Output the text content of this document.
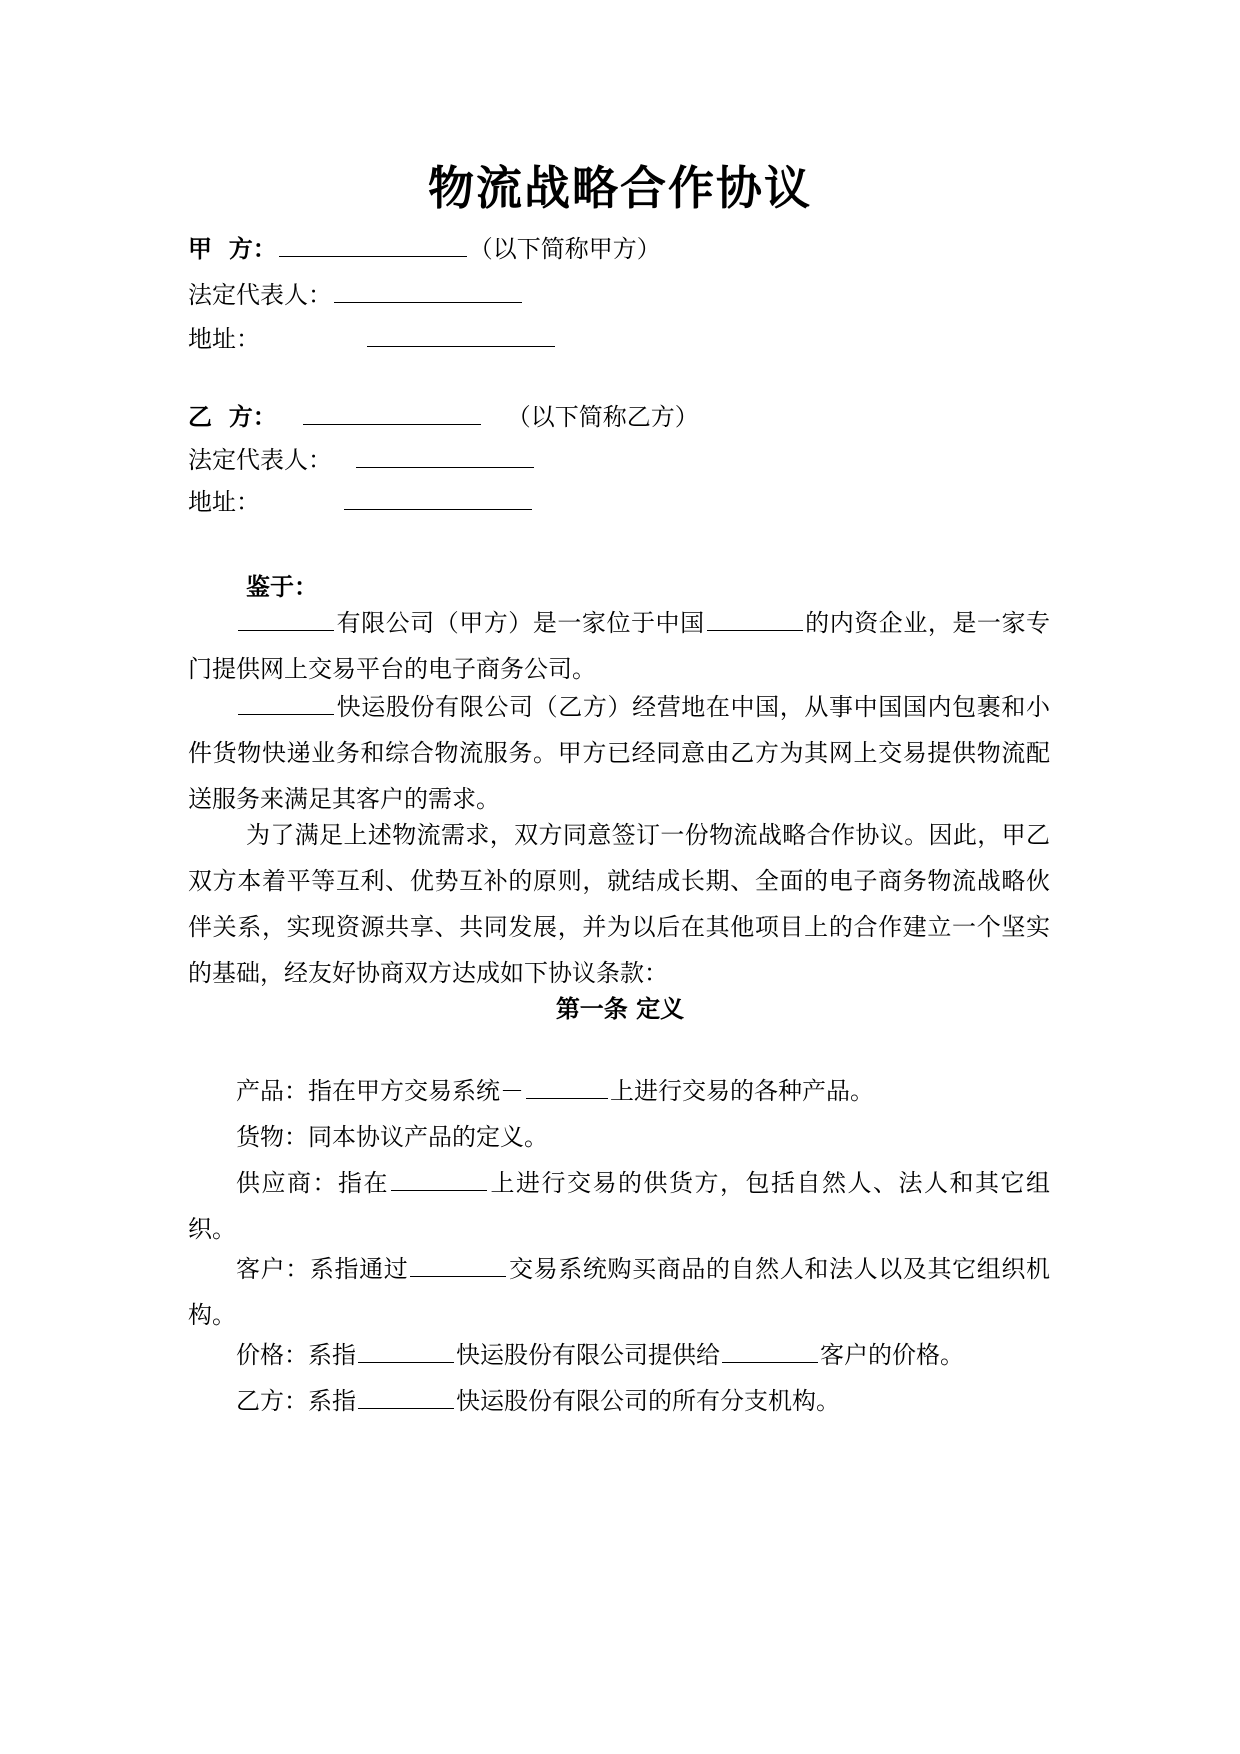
物流战略合作协议
甲  方：	（以下简称甲方）
法定代表人：
地址：
乙  方：	（以下简称乙方）
法定代表人：
地址：
鉴于：
有限公司（甲方）是一家位于中国	的内资企业，是一家专门提供网上交易平台的电子商务公司。
快运股份有限公司（乙方）经营地在中国，从事中国国内包裹和小件货物快递业务和综合物流服务。甲方已经同意由乙方为其网上交易提供物流配送服务来满足其客户的需求。
为了满足上述物流需求，双方同意签订一份物流战略合作协议。因此，甲乙双方本着平等互利、优势互补的原则，就结成长期、全面的电子商务物流战略伙伴关系，实现资源共享、共同发展，并为以后在其他项目上的合作建立一个坚实的基础，经友好协商双方达成如下协议条款：
第一条 定义
产品：指在甲方交易系统－	上进行交易的各种产品。
货物：同本协议产品的定义。
供应商：指在	上进行交易的供货方，包括自然人、法人和其它组织。
客户：系指通过	交易系统购买商品的自然人和法人以及其它组织机构。
价格：系指	快运股份有限公司提供给	客户的价格。
乙方：系指	快运股份有限公司的所有分支机构。
